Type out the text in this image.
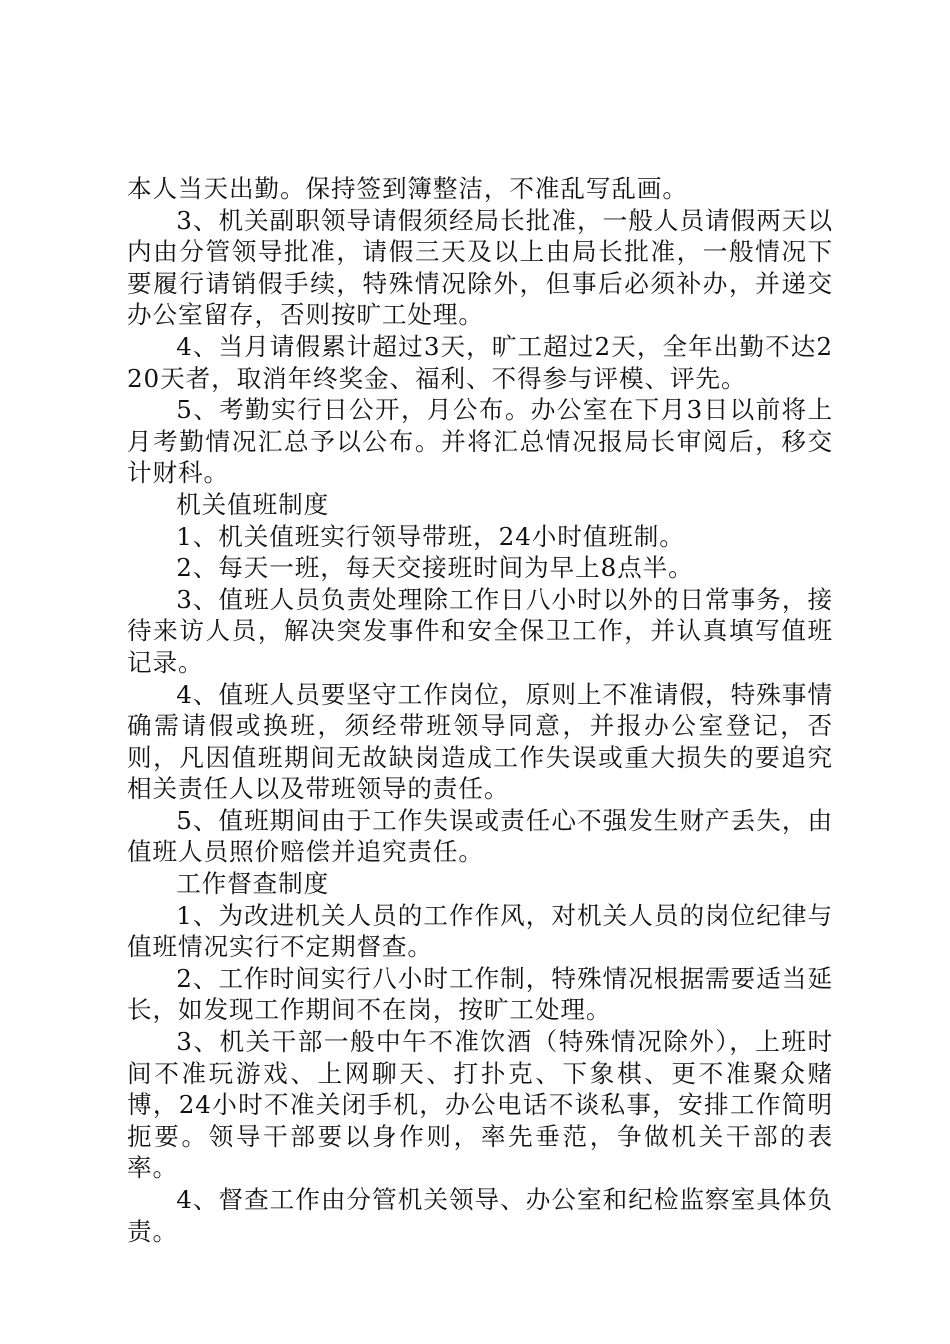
本人当天出勤。保持签到簿整洁，不准乱写乱画。

3、机关副职领导请假须经局长批准，一般人员请假两天以内由分管领导批准，请假三天及以上由局长批准，一般情况下要履行请销假手续，特殊情况除外，但事后必须补办，并递交办公室留存，否则按旷工处理。

4、当月请假累计超过3天，旷工超过2天，全年出勤不达220天者，取消年终奖金、福利、不得参与评模、评先。

5、考勤实行日公开，月公布。办公室在下月3日以前将上月考勤情况汇总予以公布。并将汇总情况报局长审阅后，移交计财科。

机关值班制度

1、机关值班实行领导带班，24小时值班制。

2、每天一班，每天交接班时间为早上8点半。

3、值班人员负责处理除工作日八小时以外的日常事务，接待来访人员，解决突发事件和安全保卫工作，并认真填写值班记录。

4、值班人员要坚守工作岗位，原则上不准请假，特殊事情确需请假或换班，须经带班领导同意，并报办公室登记，否则，凡因值班期间无故缺岗造成工作失误或重大损失的要追究相关责任人以及带班领导的责任。

5、值班期间由于工作失误或责任心不强发生财产丢失，由值班人员照价赔偿并追究责任。

工作督查制度

1、为改进机关人员的工作作风，对机关人员的岗位纪律与值班情况实行不定期督查。

2、工作时间实行八小时工作制，特殊情况根据需要适当延长，如发现工作期间不在岗，按旷工处理。

3、机关干部一般中午不准饮酒（特殊情况除外），上班时间不准玩游戏、上网聊天、打扑克、下象棋、更不准聚众赌博，24小时不准关闭手机，办公电话不谈私事，安排工作简明扼要。领导干部要以身作则，率先垂范，争做机关干部的表率。

4、督查工作由分管机关领导、办公室和纪检监察室具体负责。
